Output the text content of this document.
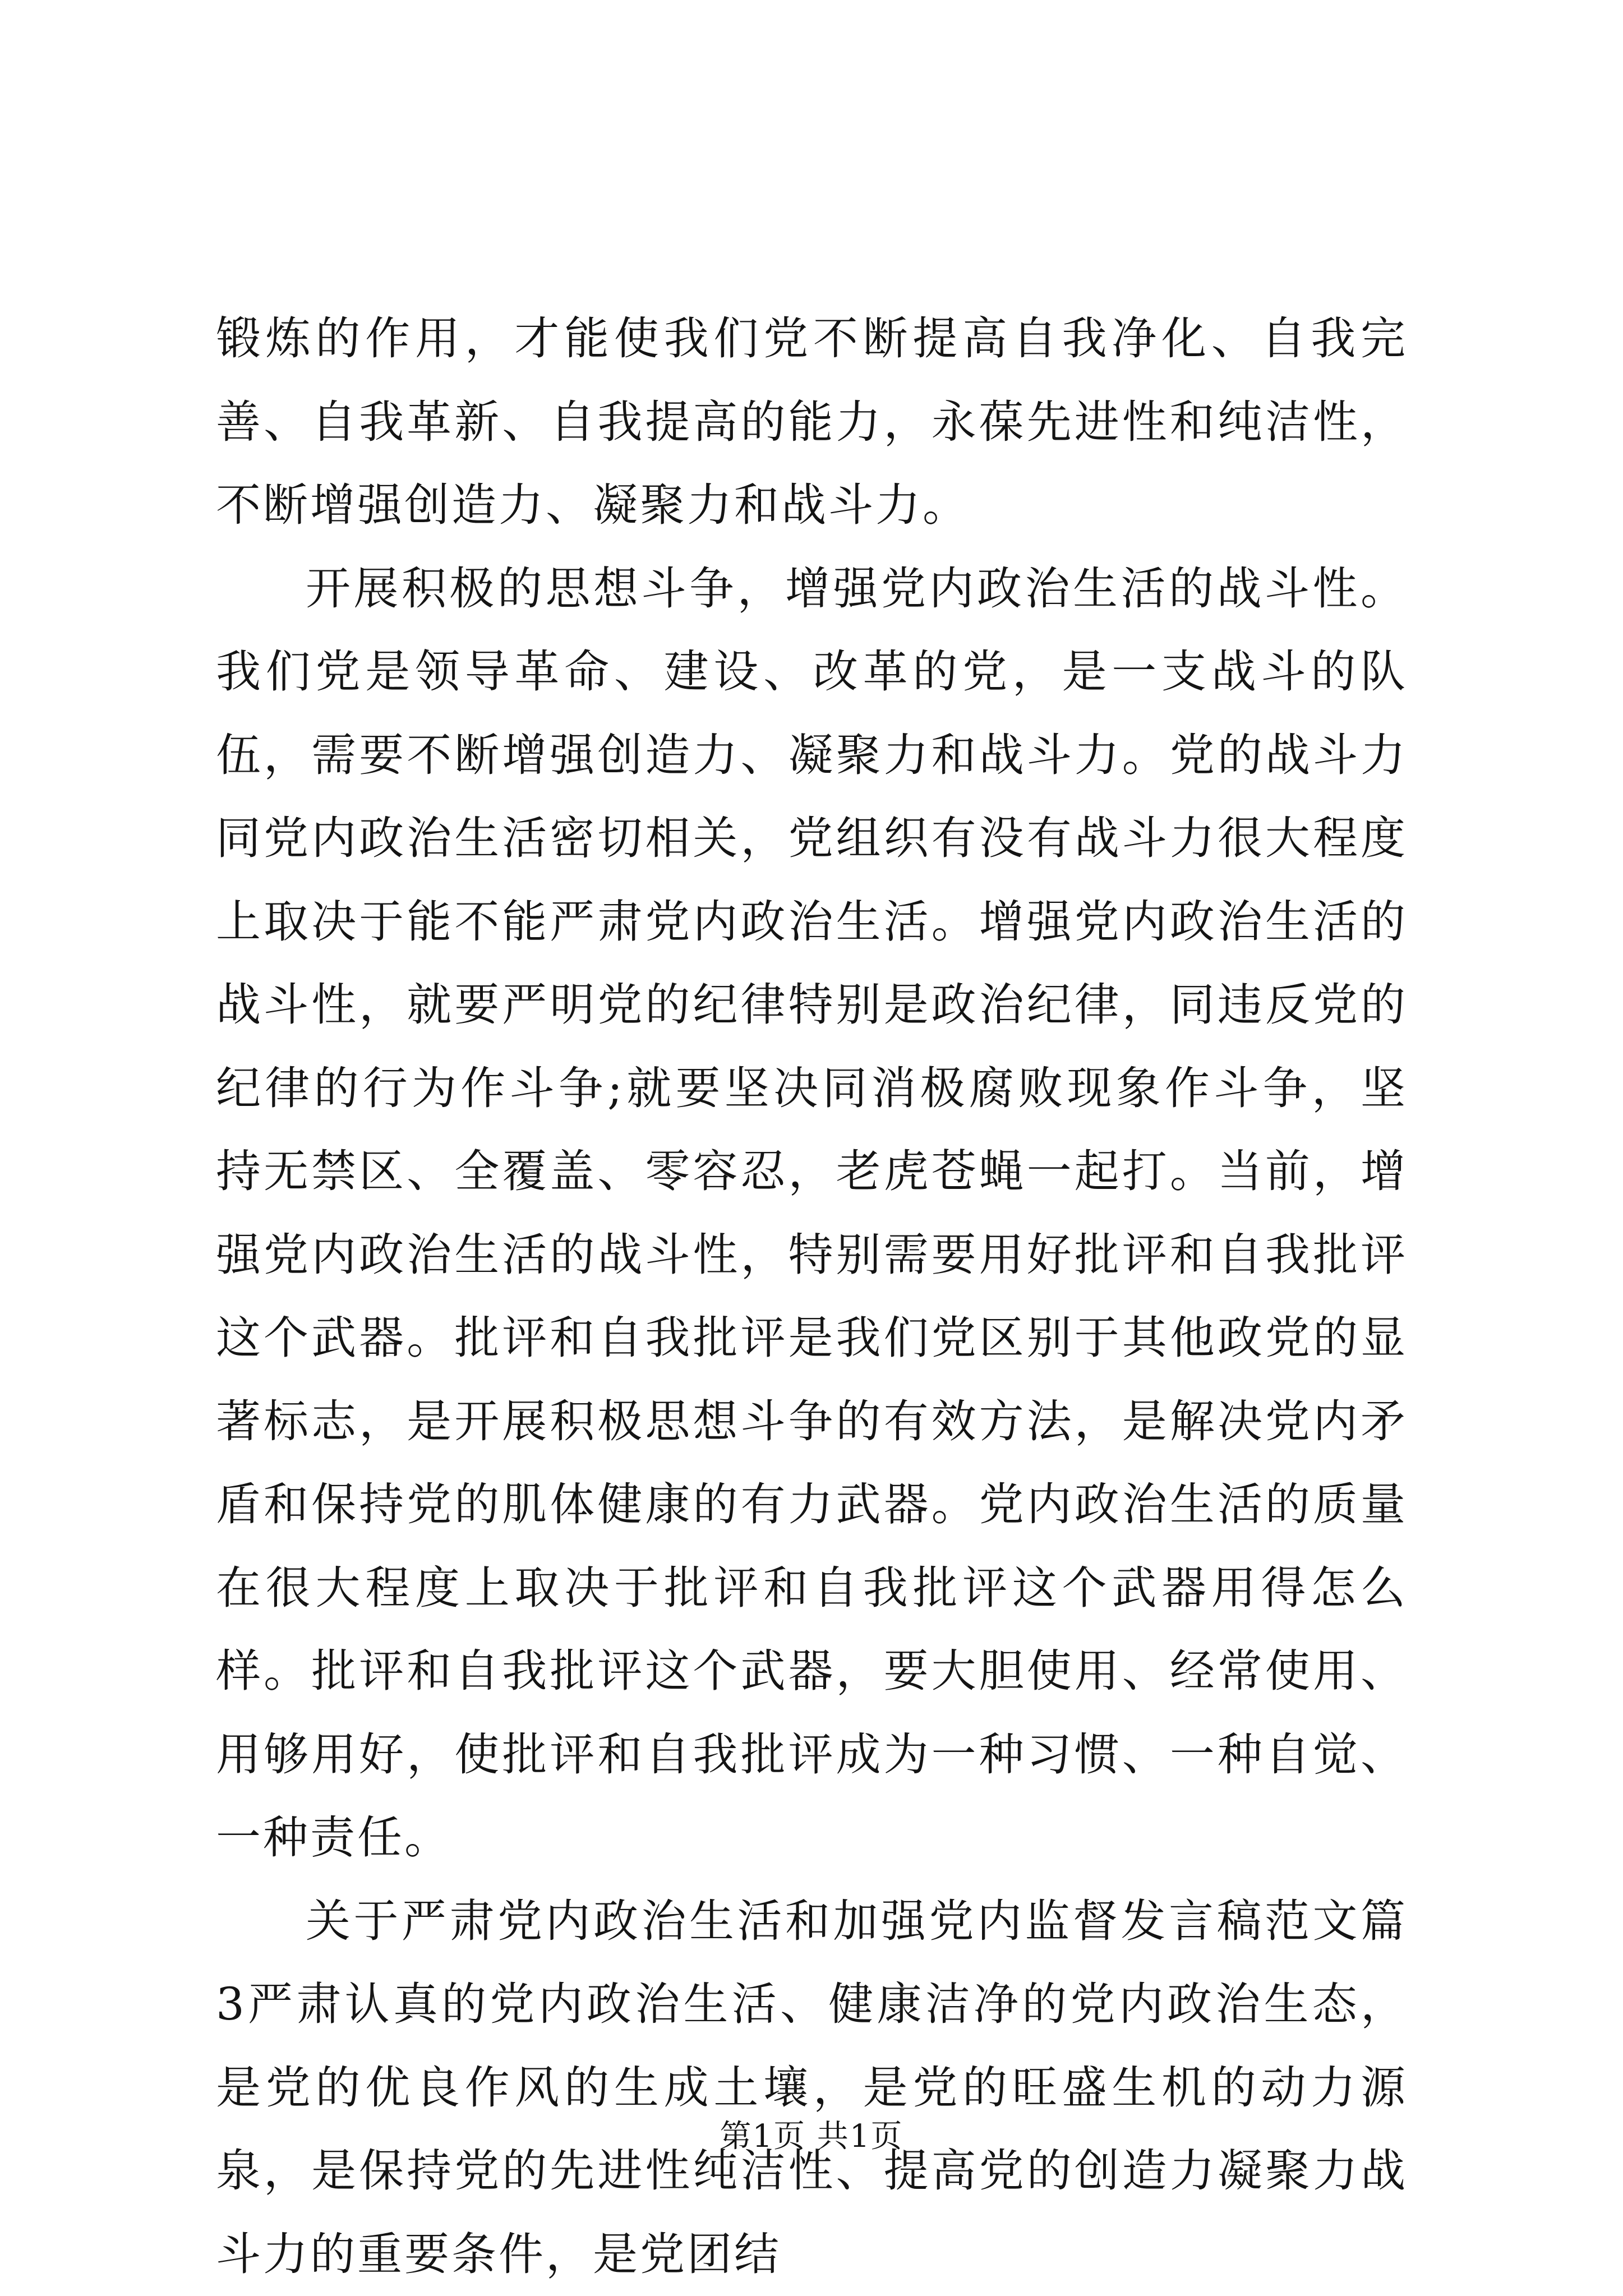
锻炼的作用，才能使我们党不断提高自我净化、自我完善、自我革新、自我提高的能力，永葆先进性和纯洁性，不断增强创造力、凝聚力和战斗力。

开展积极的思想斗争，增强党内政治生活的战斗性。我们党是领导革命、建设、改革的党，是一支战斗的队伍，需要不断增强创造力、凝聚力和战斗力。党的战斗力同党内政治生活密切相关，党组织有没有战斗力很大程度上取决于能不能严肃党内政治生活。增强党内政治生活的战斗性，就要严明党的纪律特别是政治纪律，同违反党的纪律的行为作斗争;就要坚决同消极腐败现象作斗争，坚持无禁区、全覆盖、零容忍，老虎苍蝇一起打。当前，增强党内政治生活的战斗性，特别需要用好批评和自我批评这个武器。批评和自我批评是我们党区别于其他政党的显著标志，是开展积极思想斗争的有效方法，是解决党内矛盾和保持党的肌体健康的有力武器。党内政治生活的质量在很大程度上取决于批评和自我批评这个武器用得怎么样。批评和自我批评这个武器，要大胆使用、经常使用、用够用好，使批评和自我批评成为一种习惯、一种自觉、一种责任。

关于严肃党内政治生活和加强党内监督发言稿范文篇3严肃认真的党内政治生活、健康洁净的党内政治生态，是党的优良作风的生成土壤，是党的旺盛生机的动力源泉，是保持党的先进性纯洁性、提高党的创造力凝聚力战斗力的重要条件，是党团结

第1页 共1页
